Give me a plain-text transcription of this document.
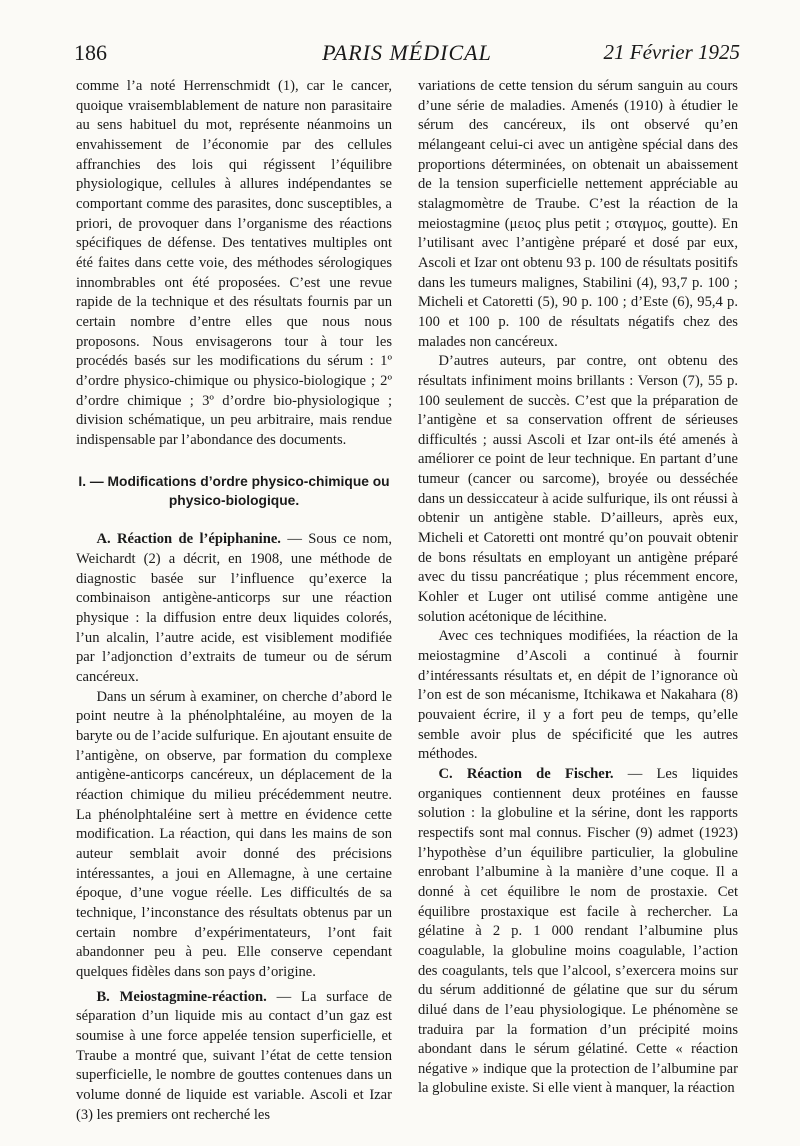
186	PARIS MÉDICAL	21 Février 1925

comme l’a noté Herrenschmidt (1), car le cancer, quoique vraisemblablement de nature non parasitaire au sens habituel du mot, représente néanmoins un envahissement de l’économie par des cellules affranchies des lois qui régissent l’équilibre physiologique, cellules à allures indépendantes se comportant comme des parasites, donc susceptibles, a priori, de provoquer dans l’organisme des réactions spécifiques de défense. Des tentatives multiples ont été faites dans cette voie, des méthodes sérologiques innombrables ont été proposées. C’est une revue rapide de la technique et des résultats fournis par un certain nombre d’entre elles que nous nous proposons. Nous envisagerons tour à tour les procédés basés sur les modifications du sérum : 1º d’ordre physico-chimique ou physico-biologique ; 2º d’ordre chimique ; 3º d’ordre bio-physiologique ; division schématique, un peu arbitraire, mais rendue indispensable par l’abondance des documents.

I. — Modifications d’ordre physico-chimique ou physico-biologique.

A. Réaction de l’épiphanine. — Sous ce nom, Weichardt (2) a décrit, en 1908, une méthode de diagnostic basée sur l’influence qu’exerce la combinaison antigène-anticorps sur une réaction physique : la diffusion entre deux liquides colorés, l’un alcalin, l’autre acide, est visiblement modifiée par l’adjonction d’extraits de tumeur ou de sérum cancéreux.

Dans un sérum à examiner, on cherche d’abord le point neutre à la phénolphtaléine, au moyen de la baryte ou de l’acide sulfurique. En ajoutant ensuite de l’antigène, on observe, par formation du complexe antigène-anticorps cancéreux, un déplacement de la réaction chimique du milieu précédemment neutre. La phénolphtaléine sert à mettre en évidence cette modification. La réaction, qui dans les mains de son auteur semblait avoir donné des précisions intéressantes, a joui en Allemagne, à une certaine époque, d’une vogue réelle. Les difficultés de sa technique, l’inconstance des résultats obtenus par un certain nombre d’expérimentateurs, l’ont fait abandonner peu à peu. Elle conserve cependant quelques fidèles dans son pays d’origine.

B. Meiostagmine-réaction. — La surface de séparation d’un liquide mis au contact d’un gaz est soumise à une force appelée tension superficielle, et Traube a montré que, suivant l’état de cette tension superficielle, le nombre de gouttes contenues dans un volume donné de liquide est variable. Ascoli et Izar (3) les premiers ont recherché les

variations de cette tension du sérum sanguin au cours d’une série de maladies. Amenés (1910) à étudier le sérum des cancéreux, ils ont observé qu’en mélangeant celui-ci avec un antigène spécial dans des proportions déterminées, on obtenait un abaissement de la tension superficielle nettement appréciable au stalagmomètre de Traube. C’est la réaction de la meiostagmine (μειος plus petit ; σταγμος, goutte). En l’utilisant avec l’antigène préparé et dosé par eux, Ascoli et Izar ont obtenu 93 p. 100 de résultats positifs dans les tumeurs malignes, Stabilini (4), 93,7 p. 100 ; Micheli et Catoretti (5), 90 p. 100 ; d’Este (6), 95,4 p. 100 et 100 p. 100 de résultats négatifs chez des malades non cancéreux.

D’autres auteurs, par contre, ont obtenu des résultats infiniment moins brillants : Verson (7), 55 p. 100 seulement de succès. C’est que la préparation de l’antigène et sa conservation offrent de sérieuses difficultés ; aussi Ascoli et Izar ont-ils été amenés à améliorer ce point de leur technique. En partant d’une tumeur (cancer ou sarcome), broyée ou desséchée dans un dessiccateur à acide sulfurique, ils ont réussi à obtenir un antigène stable. D’ailleurs, après eux, Micheli et Catoretti ont montré qu’on pouvait obtenir de bons résultats en employant un antigène préparé avec du tissu pancréatique ; plus récemment encore, Kohler et Luger ont utilisé comme antigène une solution acétonique de lécithine.

Avec ces techniques modifiées, la réaction de la meiostagmine d’Ascoli a continué à fournir d’intéressants résultats et, en dépit de l’ignorance où l’on est de son mécanisme, Itchikawa et Nakahara (8) pouvaient écrire, il y a fort peu de temps, qu’elle semble avoir plus de spécificité que les autres méthodes.

C. Réaction de Fischer. — Les liquides organiques contiennent deux protéines en fausse solution : la globuline et la sérine, dont les rapports respectifs sont mal connus. Fischer (9) admet (1923) l’hypothèse d’un équilibre particulier, la globuline enrobant l’albumine à la manière d’une coque. Il a donné à cet équilibre le nom de prostaxie. Cet équilibre prostaxique est facile à rechercher. La gélatine à 2 p. 1 000 rendant l’albumine plus coagulable, la globuline moins coagulable, l’action des coagulants, tels que l’alcool, s’exercera moins sur du sérum additionné de gélatine que sur du sérum dilué dans de l’eau physiologique. Le phénomène se traduira par la formation d’un précipité moins abondant dans le sérum gélatiné. Cette « réaction négative » indique que la protection de l’albumine par la globuline existe. Si elle vient à manquer, la réaction
